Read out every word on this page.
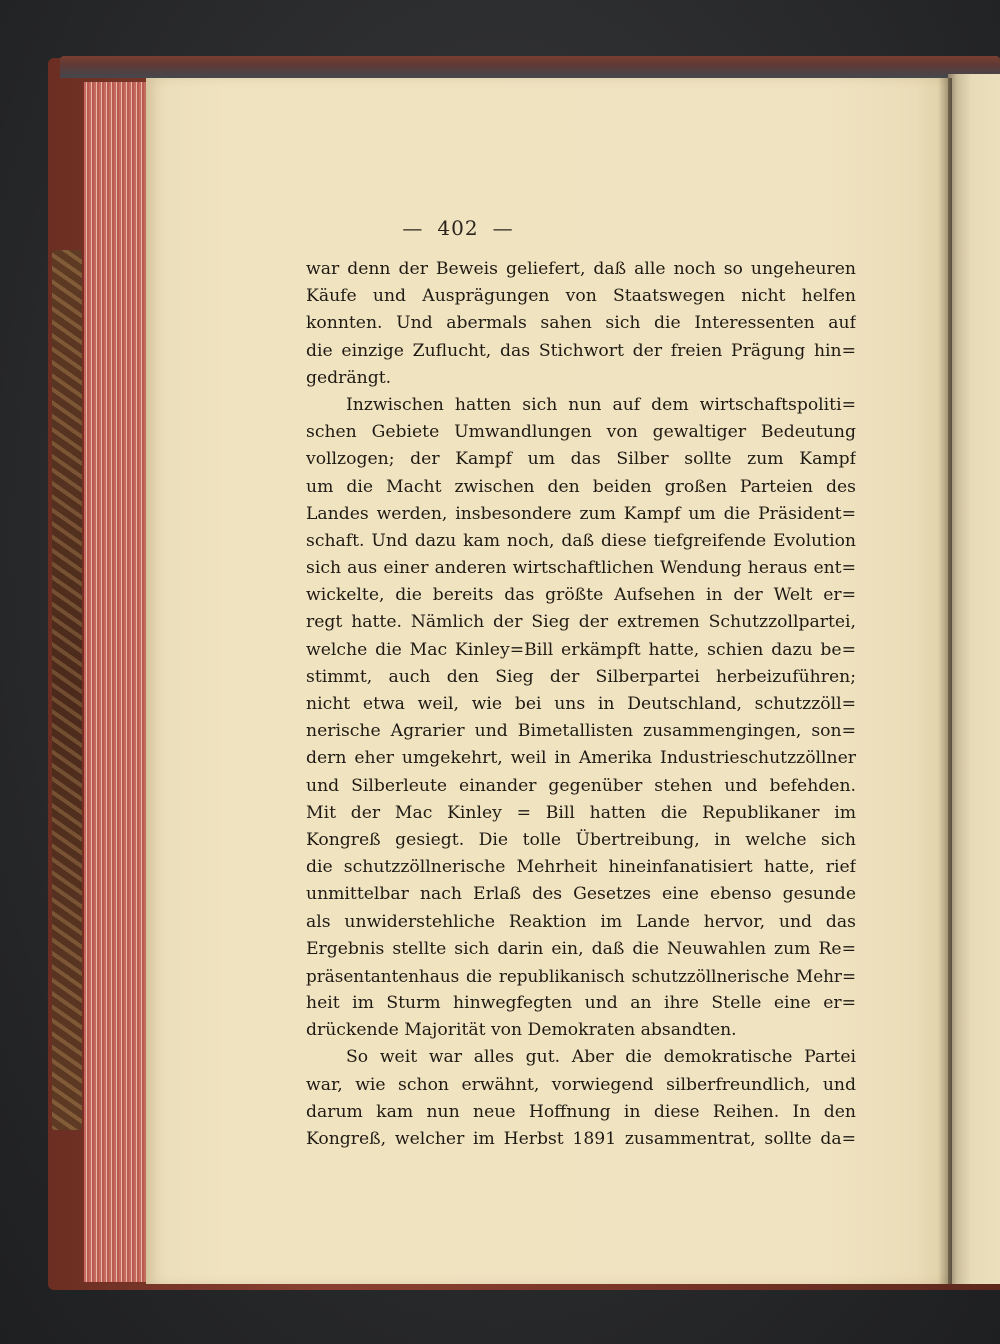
— 402 —
war denn der Beweis geliefert, daß alle noch so ungeheuren
Käufe und Ausprägungen von Staatswegen nicht helfen
konnten. Und abermals sahen sich die Interessenten auf
die einzige Zuflucht, das Stichwort der freien Prägung hin=
gedrängt.
Inzwischen hatten sich nun auf dem wirtschaftspoliti=
schen Gebiete Umwandlungen von gewaltiger Bedeutung
vollzogen; der Kampf um das Silber sollte zum Kampf
um die Macht zwischen den beiden großen Parteien des
Landes werden, insbesondere zum Kampf um die Präsident=
schaft. Und dazu kam noch, daß diese tiefgreifende Evolution
sich aus einer anderen wirtschaftlichen Wendung heraus ent=
wickelte, die bereits das größte Aufsehen in der Welt er=
regt hatte. Nämlich der Sieg der extremen Schutzzollpartei,
welche die Mac Kinley=Bill erkämpft hatte, schien dazu be=
stimmt, auch den Sieg der Silberpartei herbeizuführen;
nicht etwa weil, wie bei uns in Deutschland, schutzzöll=
nerische Agrarier und Bimetallisten zusammengingen, son=
dern eher umgekehrt, weil in Amerika Industrieschutzzöllner
und Silberleute einander gegenüber stehen und befehden.
Mit der Mac Kinley = Bill hatten die Republikaner im
Kongreß gesiegt. Die tolle Übertreibung, in welche sich
die schutzzöllnerische Mehrheit hineinfanatisiert hatte, rief
unmittelbar nach Erlaß des Gesetzes eine ebenso gesunde
als unwiderstehliche Reaktion im Lande hervor, und das
Ergebnis stellte sich darin ein, daß die Neuwahlen zum Re=
präsentantenhaus die republikanisch schutzzöllnerische Mehr=
heit im Sturm hinwegfegten und an ihre Stelle eine er=
drückende Majorität von Demokraten absandten.
So weit war alles gut. Aber die demokratische Partei
war, wie schon erwähnt, vorwiegend silberfreundlich, und
darum kam nun neue Hoffnung in diese Reihen. In den
Kongreß, welcher im Herbst 1891 zusammentrat, sollte da=
